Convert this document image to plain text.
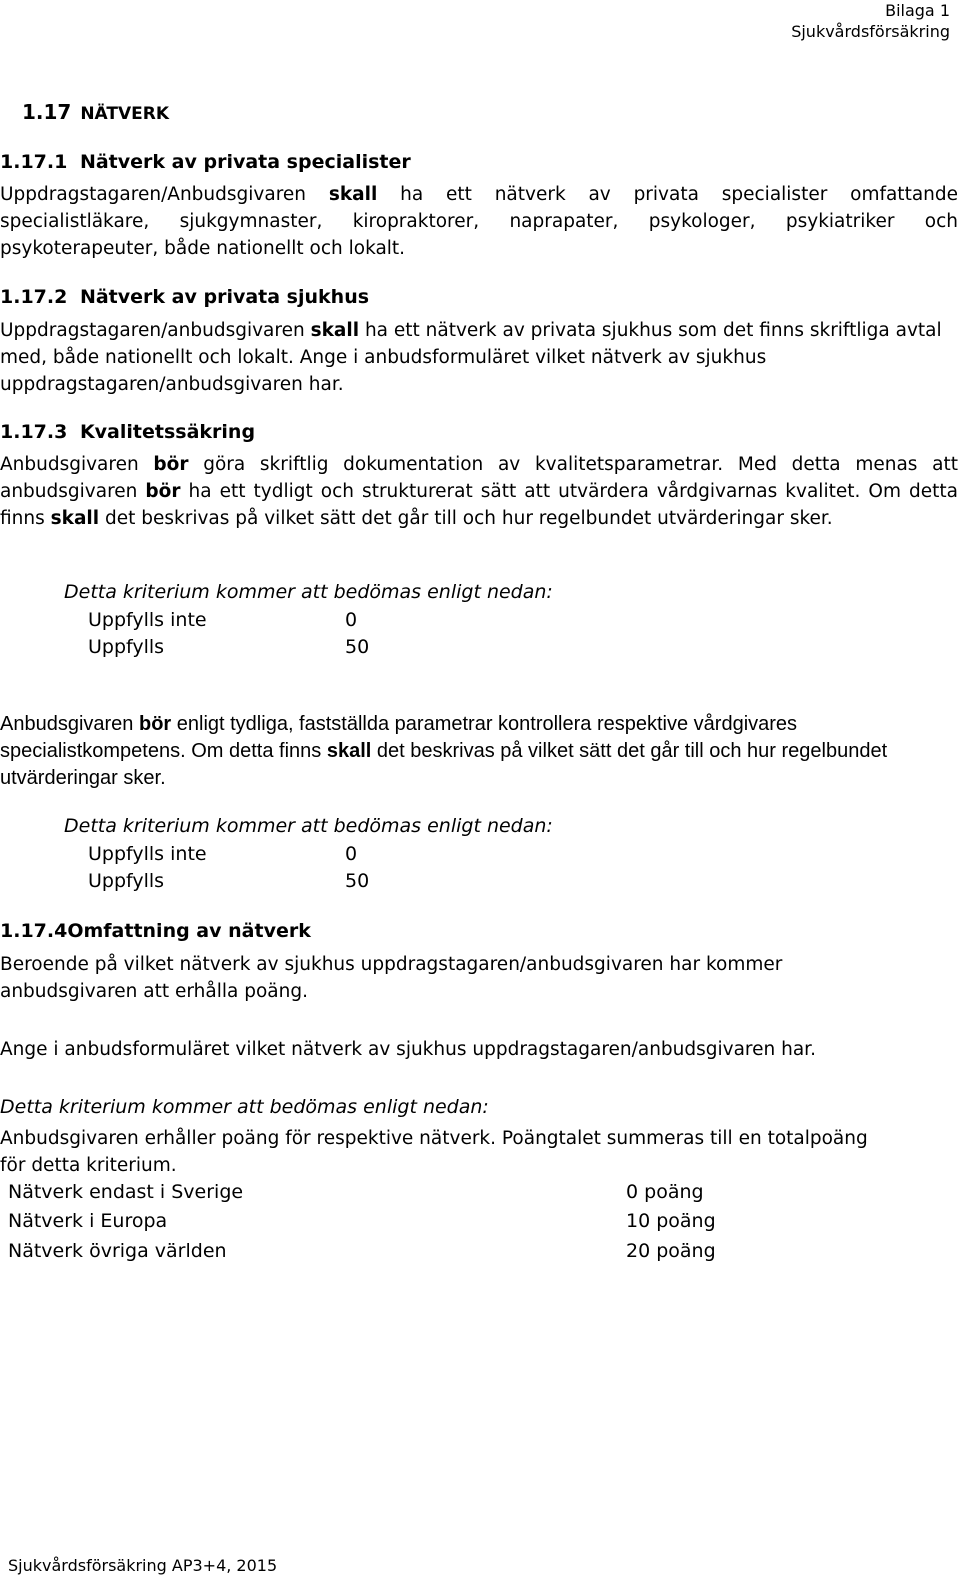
Bilaga 1
Sjukvårdsförsäkring
1.17 NÄTVERK
1.17.1 Nätverk av privata specialister
Uppdragstagaren/Anbudsgivaren skall ha ett nätverk av privata specialister omfattande specialistläkare, sjukgymnaster, kiropraktorer, naprapater, psykologer, psykiatriker och psykoterapeuter, både nationellt och lokalt.
1.17.2 Nätverk av privata sjukhus
Uppdragstagaren/anbudsgivaren skall ha ett nätverk av privata sjukhus som det finns skriftliga avtal med, både nationellt och lokalt. Ange i anbudsformuläret vilket nätverk av sjukhus uppdragstagaren/anbudsgivaren har.
1.17.3 Kvalitetssäkring
Anbudsgivaren bör göra skriftlig dokumentation av kvalitetsparametrar. Med detta menas att anbudsgivaren bör ha ett tydligt och strukturerat sätt att utvärdera vårdgivarnas kvalitet. Om detta finns skall det beskrivas på vilket sätt det går till och hur regelbundet utvärderingar sker.
Detta kriterium kommer att bedömas enligt nedan:
Uppfylls inte	0
Uppfylls	50
Anbudsgivaren bör enligt tydliga, fastställda parametrar kontrollera respektive vårdgivares specialistkompetens. Om detta finns skall det beskrivas på vilket sätt det går till och hur regelbundet utvärderingar sker.
Detta kriterium kommer att bedömas enligt nedan:
Uppfylls inte	0
Uppfylls	50
1.17.4Omfattning av nätverk
Beroende på vilket nätverk av sjukhus uppdragstagaren/anbudsgivaren har kommer anbudsgivaren att erhålla poäng.
Ange i anbudsformuläret vilket nätverk av sjukhus uppdragstagaren/anbudsgivaren har.
Detta kriterium kommer att bedömas enligt nedan:
Anbudsgivaren erhåller poäng för respektive nätverk. Poängtalet summeras till en totalpoäng för detta kriterium.
Nätverk endast i Sverige	0 poäng
Nätverk i Europa	10 poäng
Nätverk övriga världen	20 poäng
Sjukvårdsförsäkring AP3+4, 2015
